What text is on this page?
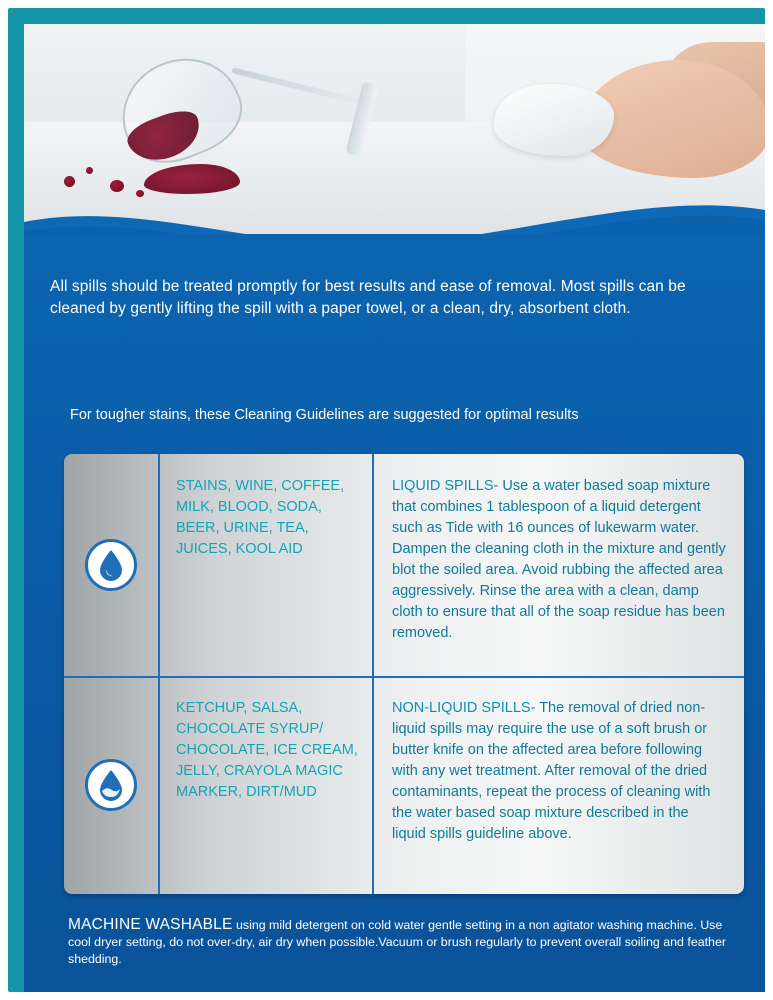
All spills should be treated promptly for best results and ease of removal. Most spills can be cleaned by gently lifting the spill with a paper towel, or a clean, dry, absorbent cloth.
For tougher stains, these Cleaning Guidelines are suggested for optimal results
STAINS, WINE, COFFEE, MILK, BLOOD, SODA, BEER, URINE, TEA, JUICES, KOOL AID
LIQUID SPILLS- Use a water based soap mixture that combines 1 tablespoon of a liquid detergent such as Tide with 16 ounces of lukewarm water. Dampen the cleaning cloth in the mixture and gently blot the soiled area. Avoid rubbing the affected area aggressively. Rinse the area with a clean, damp cloth to ensure that all of the soap residue has been removed.
KETCHUP, SALSA, CHOCOLATE SYRUP/ CHOCOLATE, ICE CREAM, JELLY, CRAYOLA MAGIC MARKER, DIRT/MUD
NON-LIQUID SPILLS- The removal of dried non-liquid spills may require the use of a soft brush or butter knife on the affected area before following with any wet treatment. After removal of the dried contaminants, repeat the process of cleaning with the water based soap mixture described in the liquid spills guideline above.
MACHINE WASHABLE using mild detergent on cold water gentle setting in a non agitator washing machine. Use cool dryer setting, do not over-dry, air dry when possible.Vacuum or brush regularly to prevent overall soiling and feather shedding.
